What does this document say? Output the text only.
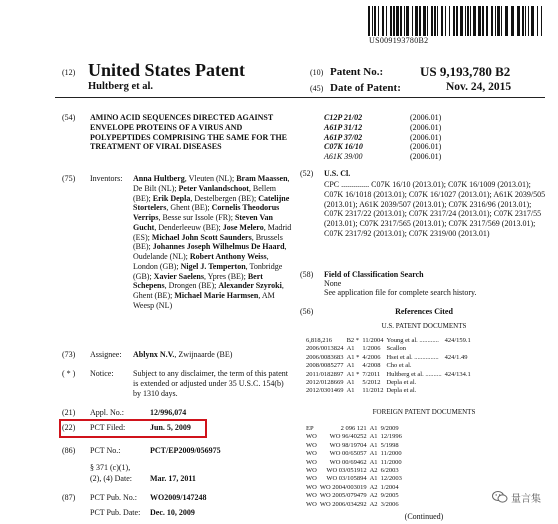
US009193780B2
(12) United States Patent
Hultberg et al.
(10) Patent No.:	US 9,193,780 B2
(45) Date of Patent:	Nov. 24, 2015
(54) AMINO ACID SEQUENCES DIRECTED AGAINST ENVELOPE PROTEINS OF A VIRUS AND POLYPEPTIDES COMPRISING THE SAME FOR THE TREATMENT OF VIRAL DISEASES
(75) Inventors: Anna Hultberg, Vleuten (NL); Bram Maassen, De Bilt (NL); Peter Vanlandschoot, Bellem (BE); Erik Depla, Destelbergen (BE); Catelijne Stortelers, Ghent (BE); Cornelis Theodorus Verrips, Besse sur Issole (FR); Steven Van Gucht, Denderleeuw (BE); Jose Melero, Madrid (ES); Michael John Scott Saunders, Brussels (BE); Johannes Joseph Wilhelmus De Haard, Oudelande (NL); Robert Anthony Weiss, London (GB); Nigel J. Temperton, Tonbridge (GB); Xavier Saelens, Ypres (BE); Bert Schepens, Drongen (BE); Alexander Szyroki, Ghent (BE); Michael Marie Harmsen, AM Weesp (NL)
(73) Assignee: Ablynx N.V., Zwijnaarde (BE)
( * ) Notice: Subject to any disclaimer, the term of this patent is extended or adjusted under 35 U.S.C. 154(b) by 1310 days.
(21) Appl. No.:	12/996,074
(22) PCT Filed:	Jun. 5, 2009
(86) PCT No.:	PCT/EP2009/056975
§ 371 (c)(1),
(2), (4) Date: Mar. 17, 2011
(87) PCT Pub. No.: WO2009/147248
PCT Pub. Date: Dec. 10, 2009
C12P 21/02	(2006.01)
A61P 31/12	(2006.01)
A61P 37/02	(2006.01)
C07K 16/10	(2006.01)
A61K 39/00	(2006.01)
(52) U.S. Cl.
CPC .............. C07K 16/10 (2013.01); C07K 16/1009 (2013.01); C07K 16/1018 (2013.01); C07K 16/1027 (2013.01); A61K 2039/505 (2013.01); A61K 2039/507 (2013.01); C07K 2316/96 (2013.01); C07K 2317/22 (2013.01); C07K 2317/24 (2013.01); C07K 2317/55 (2013.01); C07K 2317/565 (2013.01); C07K 2317/569 (2013.01); C07K 2317/92 (2013.01); C07K 2319/00 (2013.01)
(58) Field of Classification Search
None
See application file for complete search history.
(56)	References Cited
U.S. PATENT DOCUMENTS
6,818,216	B2 *	11/2004	Young et al. ............	424/159.1
2006/0013824	A1	1/2006	Scallon	
2006/0083683	A1 *	4/2006	Hsei et al. ...............	424/1.49
2008/0085277	A1	4/2008	Cho et al.	
2011/0182897	A1 *	7/2011	Hultberg et al. ..........	424/134.1
2012/0128669	A1	5/2012	Depla et al.	
2012/0301469	A1	11/2012	Depla et al.	
FOREIGN PATENT DOCUMENTS
EP	2 096 121	A1	9/2009
WO	WO 96/40252	A1	12/1996
WO	WO 98/19704	A1	5/1998
WO	WO 00/65057	A1	11/2000
WO	WO 00/69462	A1	11/2000
WO	WO 03/051912	A2	6/2003
WO	WO 03/105894	A1	12/2003
WO	WO 2004/003019	A2	1/2004
WO	WO 2005/079479	A2	9/2005
WO	WO 2006/034292	A2	3/2006
(Continued)
量言集
